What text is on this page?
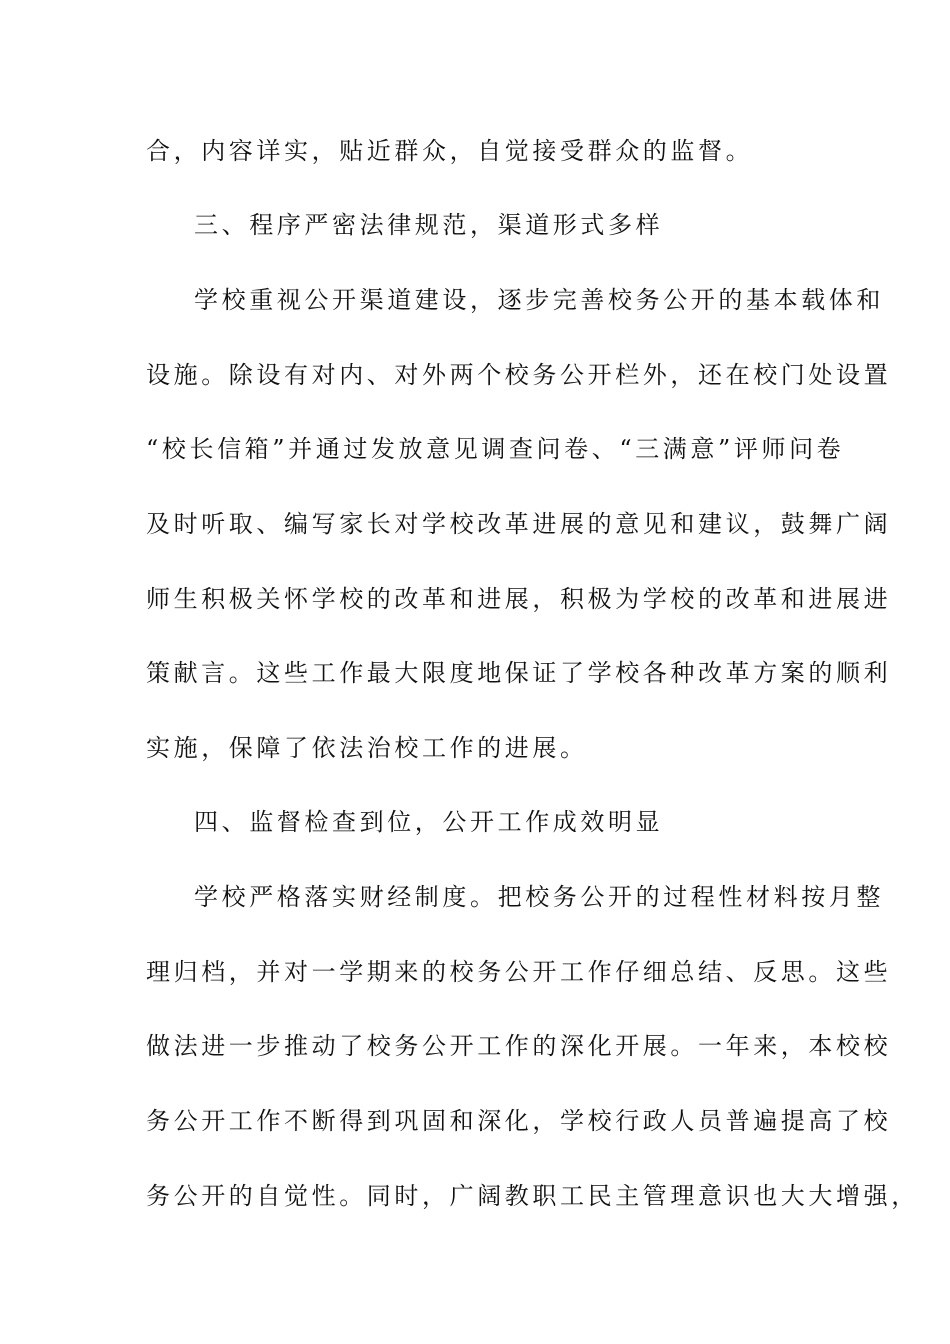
合，内容详实，贴近群众，自觉接受群众的监督。
三、程序严密法律规范，渠道形式多样
学校重视公开渠道建设，逐步完善校务公开的基本载体和
设施。除设有对内、对外两个校务公开栏外，还在校门处设置
“校长信箱”并通过发放意见调查问卷、“三满意”评师问卷
及时听取、编写家长对学校改革进展的意见和建议，鼓舞广阔
师生积极关怀学校的改革和进展，积极为学校的改革和进展进
策献言。这些工作最大限度地保证了学校各种改革方案的顺利
实施，保障了依法治校工作的进展。
四、监督检查到位，公开工作成效明显
学校严格落实财经制度。把校务公开的过程性材料按月整
理归档，并对一学期来的校务公开工作仔细总结、反思。这些
做法进一步推动了校务公开工作的深化开展。一年来，本校校
务公开工作不断得到巩固和深化，学校行政人员普遍提高了校
务公开的自觉性。同时，广阔教职工民主管理意识也大大增强，
